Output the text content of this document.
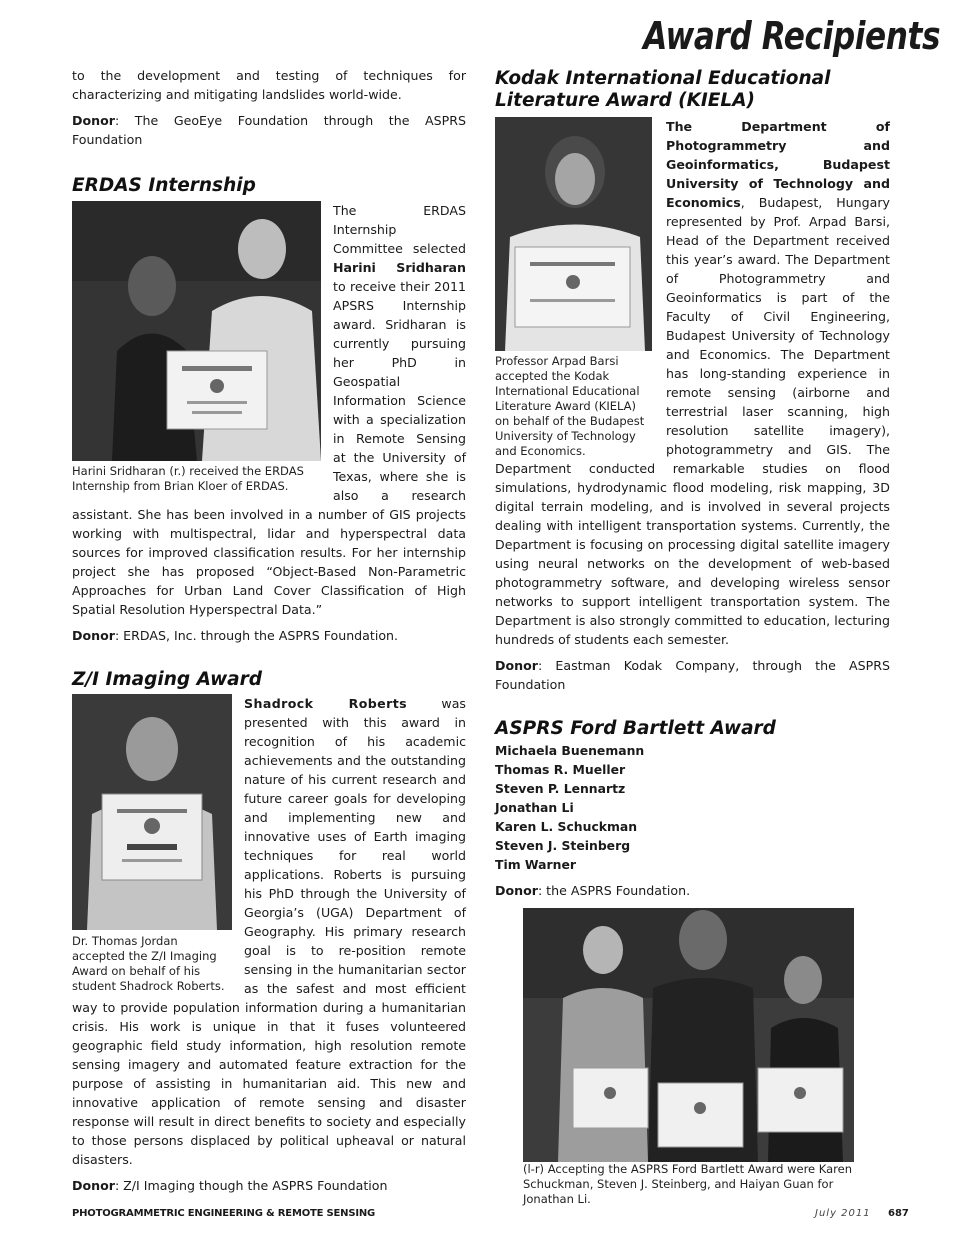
Award Recipients

to the development and testing of techniques for characterizing and mitigating landslides world-wide.

Donor: The GeoEye Foundation through the ASPRS Foundation

ERDAS Internship
Harini Sridharan (r.) received the ERDAS Internship from Brian Kloer of ERDAS.

The ERDAS Internship Committee selected Harini Sridharan to receive their 2011 APSRS Internship award. Sridharan is currently pursuing her PhD in Geospatial Information Science with a specialization in Remote Sensing at the University of Texas, where she is also a research assistant. She has been involved in a number of GIS projects working with multispectral, lidar and hyperspectral data sources for improved classification results. For her internship project she has proposed “Object-Based Non-Parametric Approaches for Urban Land Cover Classification of High Spatial Resolution Hyperspectral Data.”

Donor: ERDAS, Inc. through the ASPRS Foundation.

Z/I Imaging Award
Dr. Thomas Jordan accepted the Z/I Imaging Award on behalf of his student Shadrock Roberts.

Shadrock Roberts was presented with this award in recognition of his academic achievements and the outstanding nature of his current research and future career goals for developing and implementing new and innovative uses of Earth imaging techniques for real world applications. Roberts is pursuing his PhD through the University of Georgia’s (UGA) Department of Geography. His primary research goal is to re-position remote sensing in the humanitarian sector as the safest and most efficient way to provide population information during a humanitarian crisis. His work is unique in that it fuses volunteered geographic field study information, high resolution remote sensing imagery and automated feature extraction for the purpose of assisting in humanitarian aid. This new and innovative application of remote sensing and disaster response will result in direct benefits to society and especially to those persons displaced by political upheaval or natural disasters.

Donor: Z/I Imaging though the ASPRS Foundation

Kodak International Educational Literature Award (KIELA)
Professor Arpad Barsi accepted the Kodak International Educational Literature Award (KIELA) on behalf of the Budapest University of Technology and Economics.

The Department of Photogrammetry and Geoinformatics, Budapest University of Technology and Economics, Budapest, Hungary represented by Prof. Arpad Barsi, Head of the Department received this year’s award. The Department of Photogrammetry and Geoinformatics is part of the Faculty of Civil Engineering, Budapest University of Technology and Economics. The Department has long-standing experience in remote sensing (airborne and terrestrial laser scanning, high resolution satellite imagery), photogrammetry and GIS. The Department conducted remarkable studies on flood simulations, hydrodynamic flood modeling, risk mapping, 3D digital terrain modeling, and is involved in several projects dealing with intelligent transportation systems. Currently, the Department is focusing on processing digital satellite imagery using neural networks on the development of web-based photogrammetry software, and developing wireless sensor networks to support intelligent transportation system. The Department is also strongly committed to education, lecturing hundreds of students each semester.

Donor: Eastman Kodak Company, through the ASPRS Foundation

ASPRS Ford Bartlett Award
Michaela Buenemann
Thomas R. Mueller
Steven P. Lennartz
Jonathan Li
Karen L. Schuckman
Steven J. Steinberg
Tim Warner

Donor: the ASPRS Foundation.

(l-r) Accepting the ASPRS Ford Bartlett Award were Karen Schuckman, Steven J. Steinberg, and Haiyan Guan for Jonathan Li.
PHOTOGRAMMETRIC ENGINEERING & REMOTE SENSING	July 2011 687
